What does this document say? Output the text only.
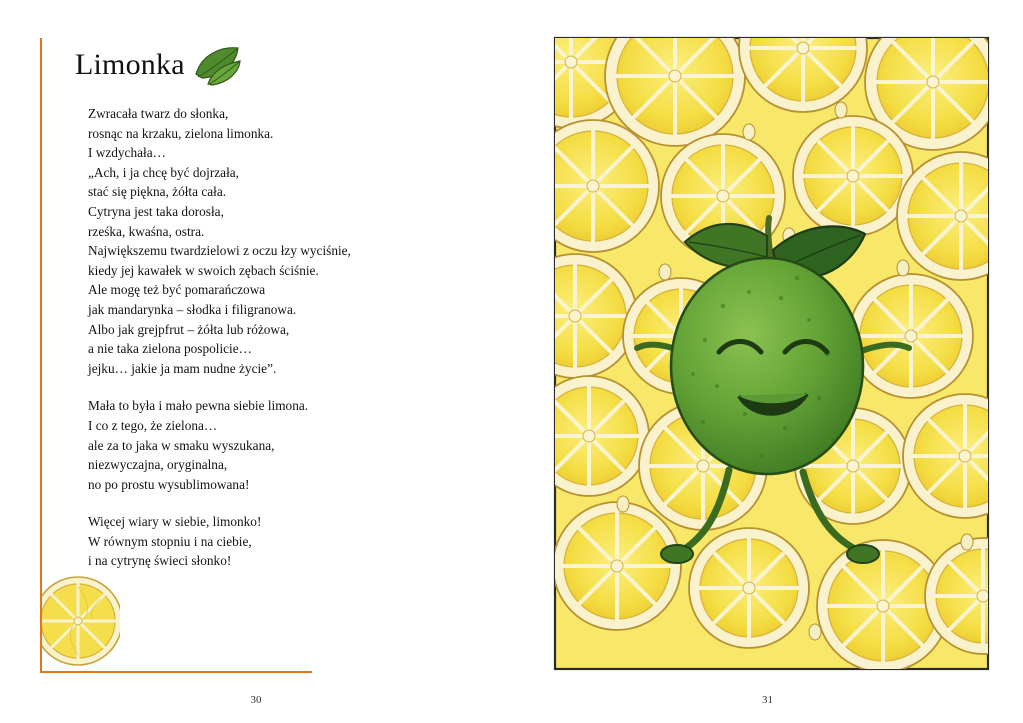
Limonka

Zwracała twarz do słonka,
rosnąc na krzaku, zielona limonka.
I wzdychała…
„Ach, i ja chcę być dojrzała,
stać się piękna, żółta cała.
Cytryna jest taka dorosła,
rześka, kwaśna, ostra.
Największemu twardzielowi z oczu łzy wyciśnie,
kiedy jej kawałek w swoich zębach ściśnie.
Ale mogę też być pomarańczowa
jak mandarynka – słodka i filigranowa.
Albo jak grejpfrut – żółta lub różowa,
a nie taka zielona pospolicie…
jejku… jakie ja mam nudne życie”.

Mała to była i mało pewna siebie limona.
I co z tego, że zielona…
ale za to jaka w smaku wyszukana,
niezwyczajna, oryginalna,
no po prostu wysublimowana!

Więcej wiary w siebie, limonko!
W równym stopniu i na ciebie,
i na cytrynę świeci słonko!

30	31
